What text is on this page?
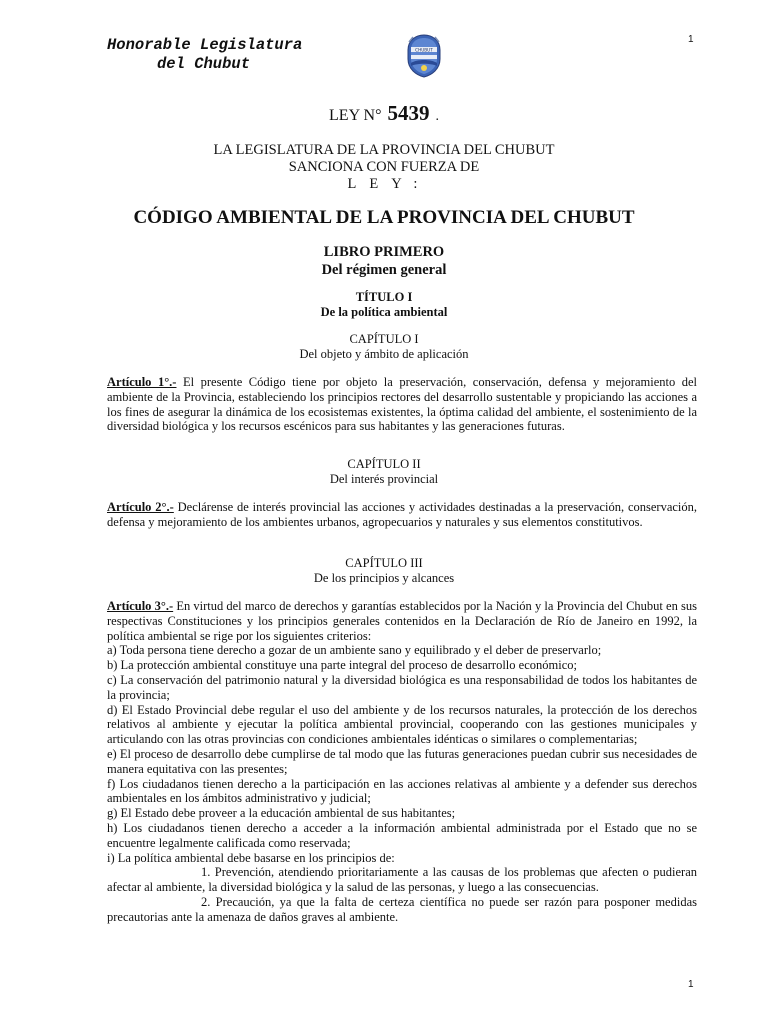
Honorable Legislatura
del Chubut
CHUBUT
1
LEY N° 5439 .
LA LEGISLATURA DE LA PROVINCIA DEL CHUBUT
SANCIONA CON FUERZA DE
LEY:
CÓDIGO AMBIENTAL DE LA PROVINCIA DEL CHUBUT
LIBRO PRIMERO
Del régimen general
TÍTULO I
De la política ambiental
CAPÍTULO I
Del objeto y ámbito de aplicación

Artículo 1°.- El presente Código tiene por objeto la preservación, conservación, defensa y mejoramiento del ambiente de la Provincia, estableciendo los principios rectores del desarrollo sustentable y propiciando las acciones a los fines de asegurar la dinámica de los ecosistemas existentes, la óptima calidad del ambiente, el sostenimiento de la diversidad biológica y los recursos escénicos para sus habitantes y las generaciones futuras.

CAPÍTULO II
Del interés provincial

Artículo 2°.- Declárense de interés provincial las acciones y actividades destinadas a la preservación, conservación, defensa y mejoramiento de los ambientes urbanos, agropecuarios y naturales y sus elementos constitutivos.

CAPÍTULO III
De los principios y alcances

Artículo 3°.- En virtud del marco de derechos y garantías establecidos por la Nación y la Provincia del Chubut en sus respectivas Constituciones y los principios generales contenidos en la Declaración de Río de Janeiro en 1992, la política ambiental se rige por los siguientes criterios:

a) Toda persona tiene derecho a gozar de un ambiente sano y equilibrado y el deber de preservarlo;

b) La protección ambiental constituye una parte integral del proceso de desarrollo económico;

c) La conservación del patrimonio natural y la diversidad biológica es una responsabilidad de todos los habitantes de la provincia;

d) El Estado Provincial debe regular el uso del ambiente y de los recursos naturales, la protección de los derechos relativos al ambiente y ejecutar la política ambiental provincial, cooperando con las gestiones municipales y articulando con las otras provincias con condiciones ambientales idénticas o similares o complementarias;

e) El proceso de desarrollo debe cumplirse de tal modo que las futuras generaciones puedan cubrir sus necesidades de manera equitativa con las presentes;

f) Los ciudadanos tienen derecho a la participación en las acciones relativas al ambiente y a defender sus derechos ambientales en los ámbitos administrativo y judicial;

g) El Estado debe proveer a la educación ambiental de sus habitantes;

h) Los ciudadanos tienen derecho a acceder a la información ambiental administrada por el Estado que no se encuentre legalmente calificada como reservada;

i) La política ambiental debe basarse en los principios de:

1. Prevención, atendiendo prioritariamente a las causas de los problemas que afecten o pudieran afectar al ambiente, la diversidad biológica y la salud de las personas, y luego a las consecuencias.

2. Precaución, ya que la falta de certeza científica no puede ser razón para posponer medidas precautorias ante la amenaza de daños graves al ambiente.

1
